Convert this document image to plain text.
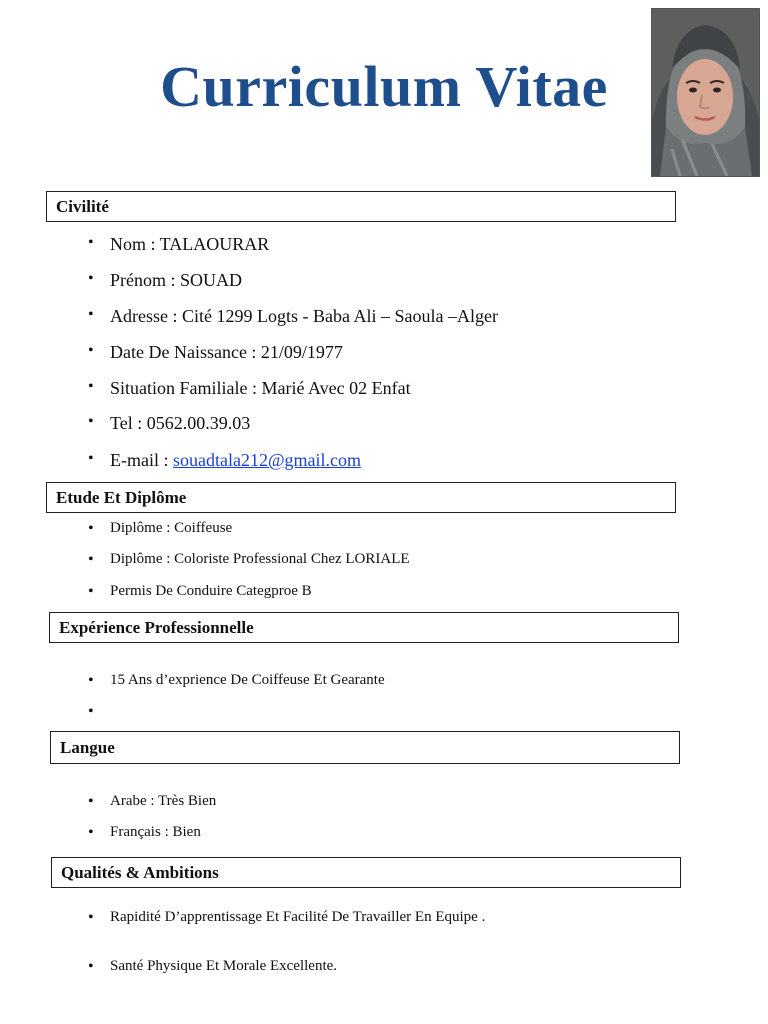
Curriculum Vitae
Civilité
• Nom : TALAOURAR
• Prénom : SOUAD
• Adresse : Cité 1299 Logts - Baba Ali – Saoula –Alger
• Date De Naissance : 21/09/1977
• Situation Familiale : Marié Avec 02 Enfat
• Tel : 0562.00.39.03
• E-mail : souadtala212@gmail.com
Etude Et Diplôme
• Diplôme : Coiffeuse
• Diplôme : Coloriste Professional Chez LORIALE
• Permis De Conduire Categproe B
Expérience Professionnelle
• 15 Ans d’exprience De Coiffeuse Et Gearante
•
Langue
• Arabe : Très Bien
• Français : Bien
Qualités & Ambitions
• Rapidité D’apprentissage Et Facilité De Travailler En Equipe .
• Santé Physique Et Morale Excellente.
